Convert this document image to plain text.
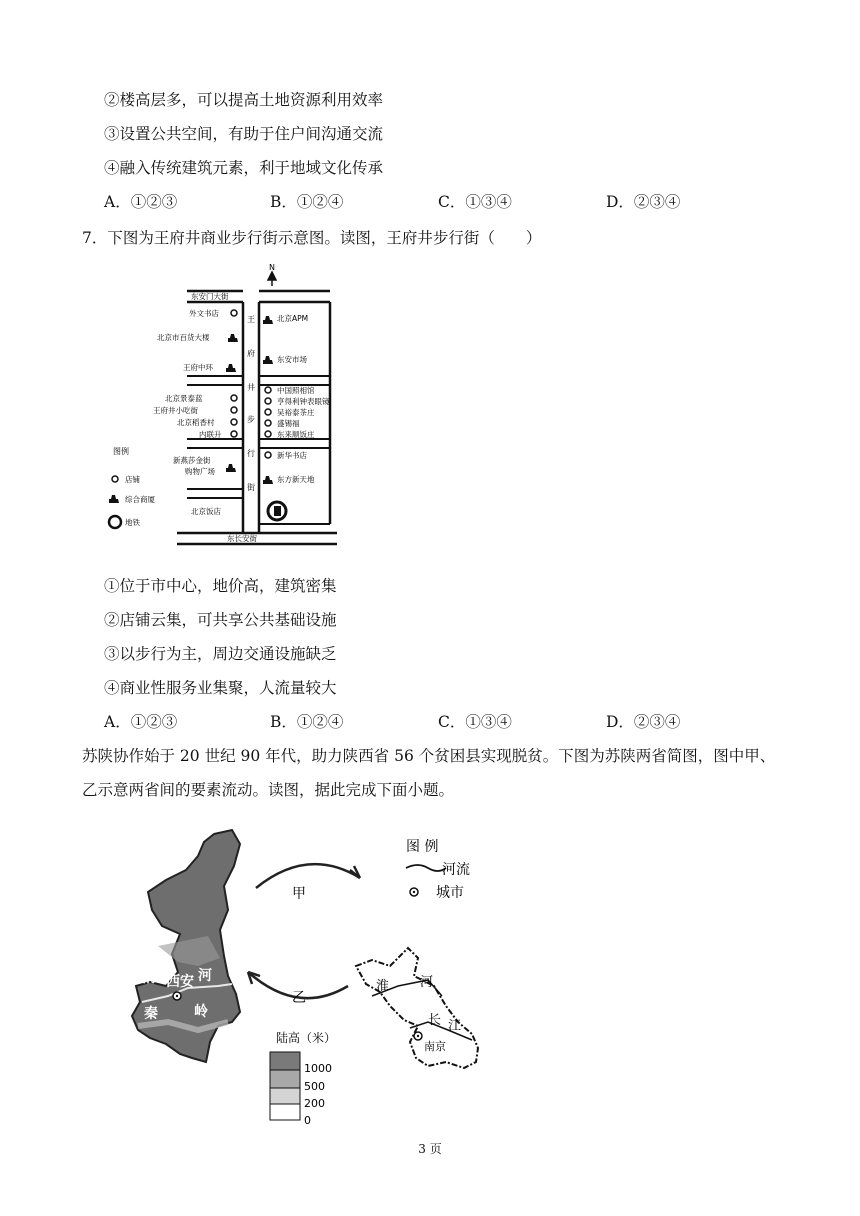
②楼高层多，可以提高土地资源利用效率
③设置公共空间，有助于住户间沟通交流
④融入传统建筑元素，利于地域文化传承
A．①②③	B．①②④	C．①③④	D．②③④
7．下图为王府井商业步行街示意图。读图，王府井步行街（　　）
N
东安门大街
东长安街
王
府
井
步
行
街
外文书店
北京市百货大楼
王府中环
北京景泰蓝
王府井小吃街
北京稻香村
内联升
新燕莎金街
购物广场
北京饭店
北京APM
东安市场
中国照相馆
亨得利钟表眼镜
吴裕泰茶庄
盛锡福
东来顺饭庄
新华书店
东方新天地
图例
店铺
综合商厦
地铁
①位于市中心，地价高，建筑密集
②店铺云集，可共享公共基础设施
③以步行为主，周边交通设施缺乏
④商业性服务业集聚，人流量较大
A．①②③	B．①②④	C．①③④	D．②③④
苏陕协作始于 20 世纪 90 年代，助力陕西省 56 个贫困县实现脱贫。下图为苏陕两省简图，图中甲、
乙示意两省间的要素流动。读图，据此完成下面小题。
渭 西安 河
秦	岭
甲
乙
图 例
河流
城市
淮 河
长 江
南京
陆高（米）
1000
500
200
0
3 页
